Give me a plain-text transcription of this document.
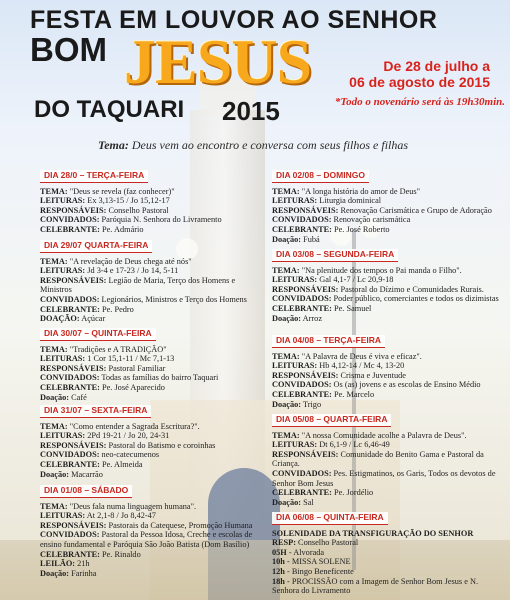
FESTA EM LOUVOR AO SENHOR
BOM JESUS
DO TAQUARI 2015
De 28 de julho a
06 de agosto de 2015
*Todo o novenário será às 19h30min.
Tema: Deus vem ao encontro e conversa com seus filhos e filhas
DIA 28/0 – TERÇA-FEIRA
TEMA: "Deus se revela (faz conhecer)"
LEITURAS: Ex 3,13-15 / Jo 15,12-17
RESPONSÁVEIS: Conselho Pastoral
CONVIDADOS: Paróquia N. Senhora do Livramento
CELEBRANTE: Pe. Admário
DIA 29/07 QUARTA-FEIRA
TEMA: "A revelação de Deus chega até nós"
LEITURAS: Jd 3-4 e 17-23 / Jo 14, 5-11
RESPONSÁVEIS: Legião de Maria, Terço dos Homens e Ministros
CONVIDADOS: Legionários, Ministros e Terço dos Homens
CELEBRANTE: Pe. Pedro
DOAÇÃO: Açúcar
DIA 30/07 – QUINTA-FEIRA
TEMA: "Tradições e A TRADIÇÃO"
LEITURAS: 1 Cor 15,1-11 / Mc 7,1-13
RESPONSÁVEIS: Pastoral Familiar
CONVIDADOS: Todas as famílias do bairro Taquari
CELEBRANTE: Pe. José Aparecido
Doação: Café
DIA 31/07 – SEXTA-FEIRA
TEMA: "Como entender a Sagrada Escritura?".
LEITURAS: 2Pd 19-21 / Jo 20, 24-31
RESPONSÁVEIS: Pastoral do Batismo e coroinhas
CONVIDADOS: neo-catecumenos
CELEBRANTE: Pe. Almeida
Doação: Macarrão
DIA 01/08 – SÁBADO
TEMA: "Deus fala numa linguagem humana".
LEITURAS: At 2,1-8 / Jo 8,42-47
RESPONSÁVEIS: Pastorais da Catequese, Promoção Humana
CONVIDADOS: Pastoral da Pessoa Idosa, Creche e escolas de ensino fundamental e Paróquia São João Batista (Dom Basílio)
CELEBRANTE: Pe. Rinaldo
LEILÃO: 21h
Doação: Farinha
DIA 02/08 – DOMINGO
TEMA: "A longa história do amor de Deus"
LEITURAS: Liturgia dominical
RESPONSÁVEIS: Renovação Carismática e Grupo de Adoração
CONVIDADOS: Renovação carismática
CELEBRANTE: Pe. José Roberto
Doação: Fubá
DIA 03/08 – SEGUNDA-FEIRA
TEMA: "Na plenitude dos tempos o Pai manda o Filho".
LEITURAS: Gal 4,1-7 / Lc 20,9-18
RESPONSÁVEIS: Pastoral do Dízimo e Comunidades Rurais.
CONVIDADOS: Poder público, comerciantes e todos os dizimistas
CELEBRANTE: Pe. Samuel
Doação: Arroz
DIA 04/08 – TERÇA-FEIRA
TEMA: "A Palavra de Deus é viva e eficaz".
LEITURAS: Hb 4,12-14 / Mc 4, 13-20
RESPONSÁVEIS: Crisma e Juventude
CONVIDADOS: Os (as) jovens e as escolas de Ensino Médio
CELEBRANTE: Pe. Marcelo
Doação: Trigo
DIA 05/08 – QUARTA-FEIRA
TEMA: "A nossa Comunidade acolhe a Palavra de Deus".
LEITURAS: Dt 6,1-9 / Lc 6,46-49
RESPONSÁVEIS: Comunidade do Benito Gama e Pastoral da Criança.
CONVIDADOS: Pes. Estigmatinos, os Garis, Todos os devotos de Senhor Bom Jesus
CELEBRANTE: Pe. Jordélio
Doação: Sal
DIA 06/08 – QUINTA-FEIRA
SOLENIDADE DA TRANSFIGURAÇÃO DO SENHOR
RESP: Conselho Pastoral
05H - Alvorada
10h - MISSA SOLENE
12h - Bingo Beneficente
18h - PROCISSÃO com a Imagem de Senhor Bom Jesus e N. Senhora do Livramento
